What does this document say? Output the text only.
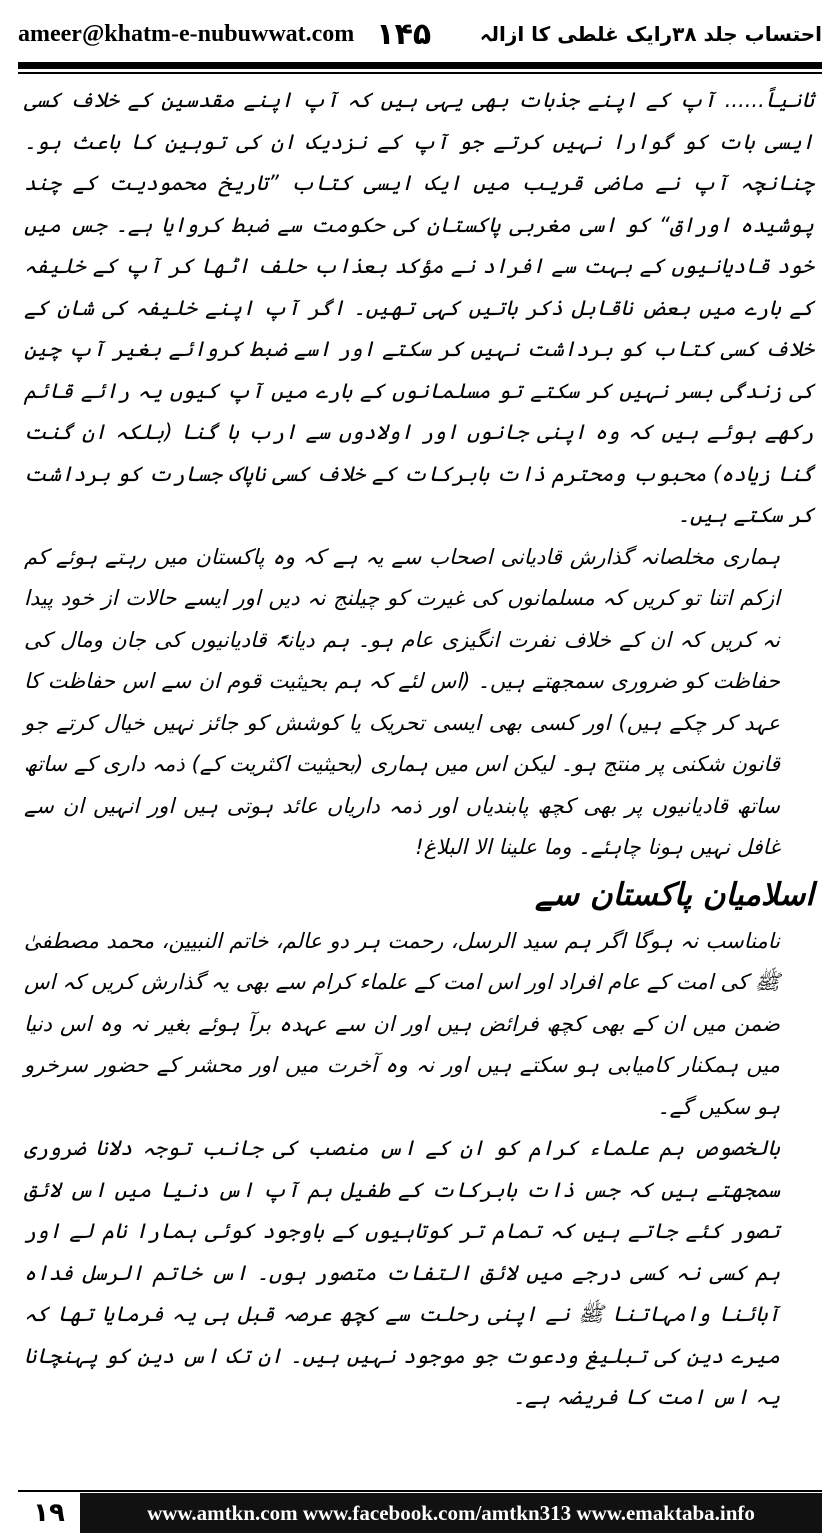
ameer@khatm-e-nubuwwat.com ۱۴۵ احتساب جلد ۳۸رایک غلطی کا ازالہ

ثانیاً...... آپ کے اپنے جذبات بھی یہی ہیں کہ آپ اپنے مقدسین کے خلاف کسی ایسی بات کو گوارا نہیں کرتے جو آپ کے نزدیک ان کی توہین کا باعث ہو۔ چنانچہ آپ نے ماضی قریب میں ایک ایسی کتاب ”تاریخ محمودیت کے چند پوشیدہ اوراق“ کو اسی مغربی پاکستان کی حکومت سے ضبط کروایا ہے۔ جس میں خود قادیانیوں کے بہت سے افراد نے مؤکد بعذاب حلف اٹھا کر آپ کے خلیفہ کے بارے میں بعض ناقابل ذکر باتیں کہی تھیں۔ اگر آپ اپنے خلیفہ کی شان کے خلاف کسی کتاب کو برداشت نہیں کر سکتے اور اسے ضبط کروائے بغیر آپ چین کی زندگی بسر نہیں کر سکتے تو مسلمانوں کے بارے میں آپ کیوں یہ رائے قائم رکھے ہوئے ہیں کہ وہ اپنی جانوں اور اولادوں سے ارب ہا گنا (بلکہ ان گنت گنا زیادہ) محبوب ومحترم ذات بابرکات کے خلاف کسی ناپاک جسارت کو برداشت کر سکتے ہیں۔

ہماری مخلصانہ گذارش قادیانی اصحاب سے یہ ہے کہ وہ پاکستان میں رہتے ہوئے کم ازکم اتنا تو کریں کہ مسلمانوں کی غیرت کو چیلنج نہ دیں اور ایسے حالات از خود پیدا نہ کریں کہ ان کے خلاف نفرت انگیزی عام ہو۔ ہم دیانۃً قادیانیوں کی جان ومال کی حفاظت کو ضروری سمجھتے ہیں۔ (اس لئے کہ ہم بحیثیت قوم ان سے اس حفاظت کا عہد کر چکے ہیں) اور کسی بھی ایسی تحریک یا کوشش کو جائز نہیں خیال کرتے جو قانون شکنی پر منتج ہو۔ لیکن اس میں ہماری (بحیثیت اکثریت کے) ذمہ داری کے ساتھ ساتھ قادیانیوں پر بھی کچھ پابندیاں اور ذمہ داریاں عائد ہوتی ہیں اور انہیں ان سے غافل نہیں ہونا چاہئے۔ وما علینا الا البلاغ!

اسلامیان پاکستان سے

نامناسب نہ ہوگا اگر ہم سید الرسل، رحمت ہر دو عالم، خاتم النبیین، محمد مصطفیٰ ﷺ کی امت کے عام افراد اور اس امت کے علماء کرام سے بھی یہ گذارش کریں کہ اس ضمن میں ان کے بھی کچھ فرائض ہیں اور ان سے عہدہ برآ ہوئے بغیر نہ وہ اس دنیا میں ہمکنار کامیابی ہو سکتے ہیں اور نہ وہ آخرت میں اور محشر کے حضور سرخرو ہو سکیں گے۔

بالخصوص ہم علماء کرام کو ان کے اس منصب کی جانب توجہ دلانا ضروری سمجھتے ہیں کہ جس ذات بابرکات کے طفیل ہم آپ اس دنیا میں اس لائق تصور کئے جاتے ہیں کہ تمام تر کوتاہیوں کے باوجود کوئی ہمارا نام لے اور ہم کسی نہ کسی درجے میں لائق التفات متصور ہوں۔ اس خاتم الرسل فداہ آبائنا وامہاتنا ﷺ نے اپنی رحلت سے کچھ عرصہ قبل ہی یہ فرمایا تھا کہ میرے دین کی تبلیغ ودعوت جو موجود نہیں ہیں۔ ان تک اس دین کو پہنچانا یہ اس امت کا فریضہ ہے۔

۱۹	www.amtkn.com www.facebook.com/amtkn313 www.emaktaba.info
